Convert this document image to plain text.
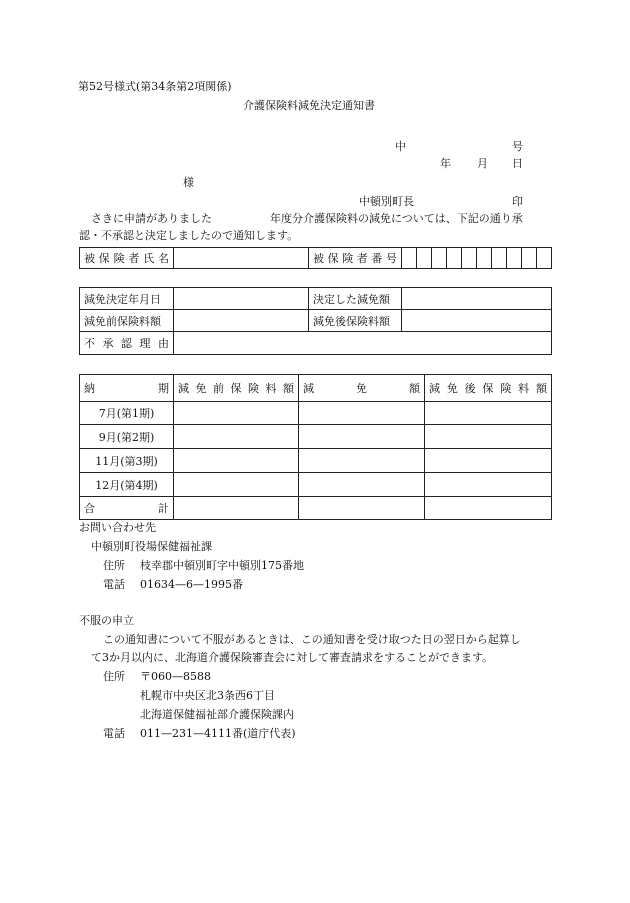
第52号様式(第34条第2項関係)
介護保険料減免決定通知書
中	号
年 月 日
様
中頓別町長	印
さきに申請がありました	年度分介護保険料の減免については、下記の通り承
認・不承認と決定しましたので通知します。
被保険者氏名		被保険者番号

減免決定年月日		決定した減免額	
減免前保険料額		減免後保険料額	

不承認理由			

納期	減免前保険料額	減免額	減免後保険料額

7月(第1期)			
9月(第2期)			
11月(第3期)			
12月(第4期)			

合計			

お問い合わせ先
中頓別町役場保健福祉課
住所 枝幸郡中頓別町字中頓別175番地
電話 01634—6—1995番
不服の申立
この通知書について不服があるときは、この通知書を受け取つた日の翌日から起算し
て3か月以内に、北海道介護保険審査会に対して審査請求をすることができます。
住所 〒060—8588
札幌市中央区北3条西6丁目
北海道保健福祉部介護保険課内
電話 011—231—4111番(道庁代表)
